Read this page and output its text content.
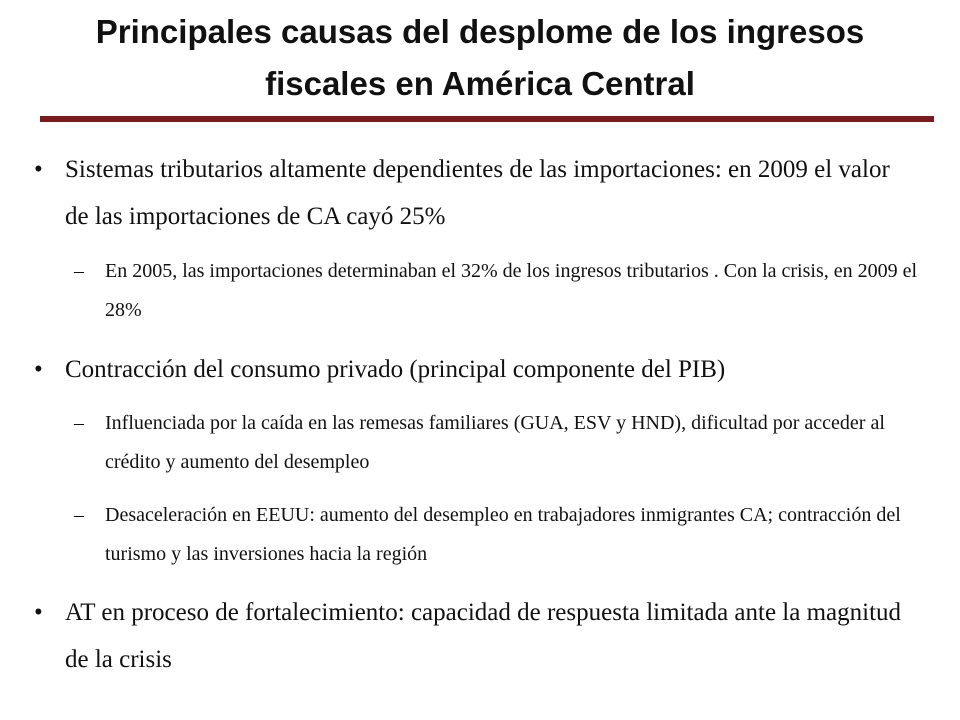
Principales causas del desplome de los ingresos
fiscales en América Central
• Sistemas tributarios altamente dependientes de las importaciones: en 2009 el valor de las importaciones de CA cayó 25%
–	En 2005, las importaciones determinaban el 32% de los ingresos tributarios . Con la crisis, en 2009 el 28%
• Contracción del consumo privado (principal componente del PIB)
–	Influenciada por la caída en las remesas familiares (GUA, ESV y HND), dificultad por acceder al crédito y aumento del desempleo
–	Desaceleración en EEUU: aumento del desempleo en trabajadores inmigrantes CA; contracción del turismo y las inversiones hacia la región
• AT en proceso de fortalecimiento: capacidad de respuesta limitada ante la magnitud de la crisis
